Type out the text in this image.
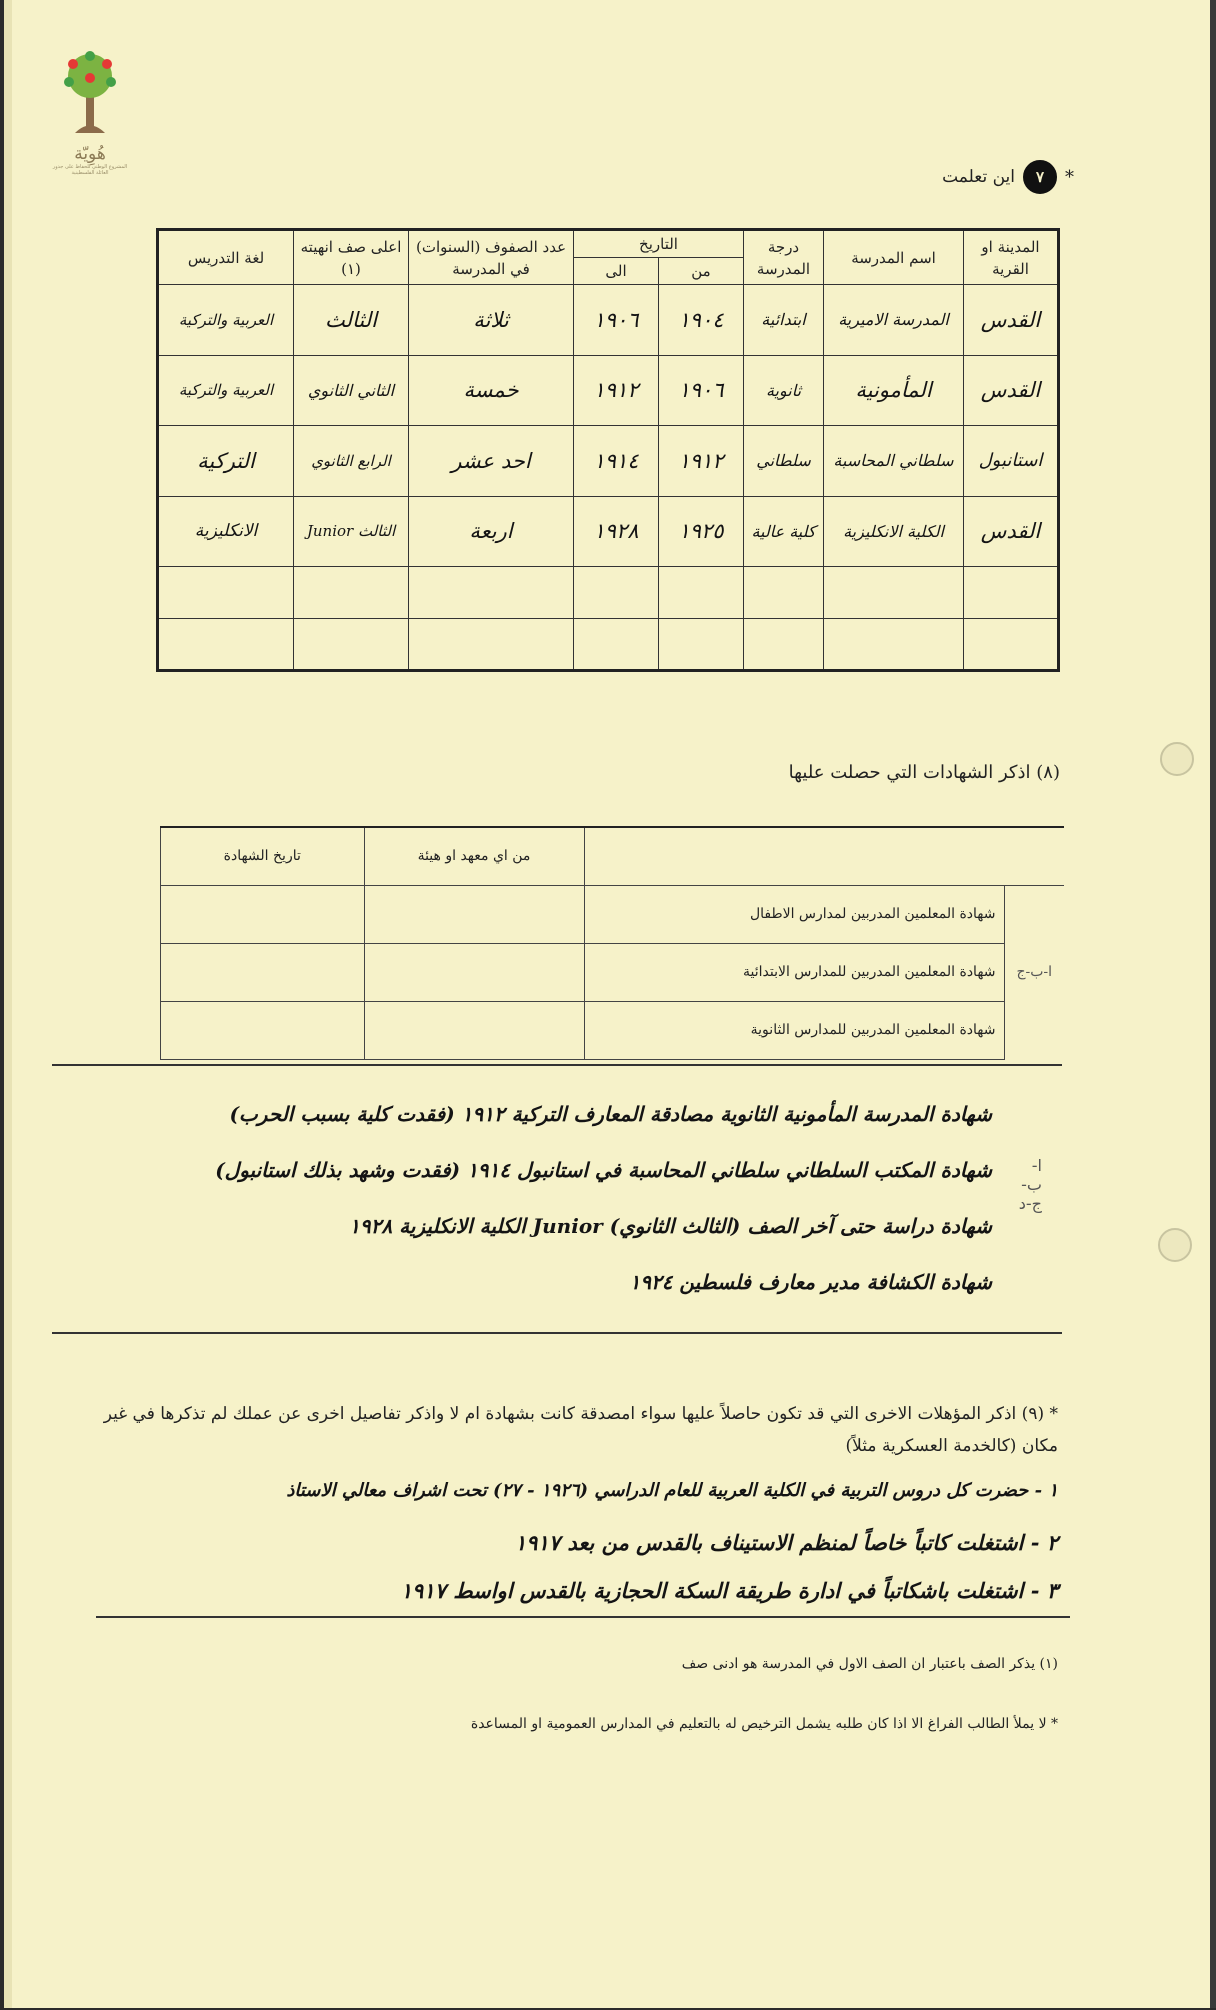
هُوِيّة
المشروع الوطني للحفاظ على جذور العائلة الفلسطينية	*
٧
اين تعلمت
المدينة او القرية	اسم المدرسة	درجة المدرسة	التاريخ		عدد الصفوف (السنوات) في المدرسة	اعلى صف انهيته (١)	لغة التدريس
			من	الى			
القدس	المدرسة الاميرية	ابتدائية	١٩٠٤	١٩٠٦	ثلاثة	الثالث	العربية والتركية
القدس	المأمونية	ثانوية	١٩٠٦	١٩١٢	خمسة	الثاني الثانوي	العربية والتركية
استانبول	سلطاني المحاسبة	سلطاني	١٩١٢	١٩١٤	احد عشر	الرابع الثانوي	التركية
القدس	الكلية الانكليزية	كلية عالية	١٩٢٥	١٩٢٨	اربعة	الثالث Junior	الانكليزية

(٨) اذكر الشهادات التي حصلت عليها
		من اي معهد او هيئة	تاريخ الشهادة
ا-ب-ج	شهادة المعلمين المدربين لمدارس الاطفال		
	شهادة المعلمين المدربين للمدارس الابتدائية		
	شهادة المعلمين المدربين للمدارس الثانوية		
ا-ب-ج-د
شهادة المدرسة المأمونية الثانوية مصادقة المعارف التركية ١٩١٢ (فقدت كلية بسبب الحرب)
شهادة المكتب السلطاني سلطاني المحاسبة في استانبول ١٩١٤ (فقدت وشهد بذلك استانبول)
شهادة دراسة حتى آخر الصف (الثالث الثانوي) Junior الكلية الانكليزية ١٩٢٨
شهادة الكشافة مدير معارف فلسطين ١٩٢٤
* (٩) اذكر المؤهلات الاخرى التي قد تكون حاصلاً عليها سواء امصدقة كانت بشهادة ام لا واذكر تفاصيل اخرى عن عملك لم تذكرها في غير مكان (كالخدمة العسكرية مثلاً)
١ - حضرت كل دروس التربية في الكلية العربية للعام الدراسي (١٩٢٦ - ٢٧) تحت اشراف معالي الاستاذ
٢ - اشتغلت كاتباً خاصاً لمنظم الاستيناف بالقدس من بعد ١٩١٧
٣ - اشتغلت باشكاتباً في ادارة طريقة السكة الحجازية بالقدس اواسط ١٩١٧
(١) يذكر الصف باعتبار ان الصف الاول في المدرسة هو ادنى صف
* لا يملأ الطالب الفراغ الا اذا كان طلبه يشمل الترخيص له بالتعليم في المدارس العمومية او المساعدة
